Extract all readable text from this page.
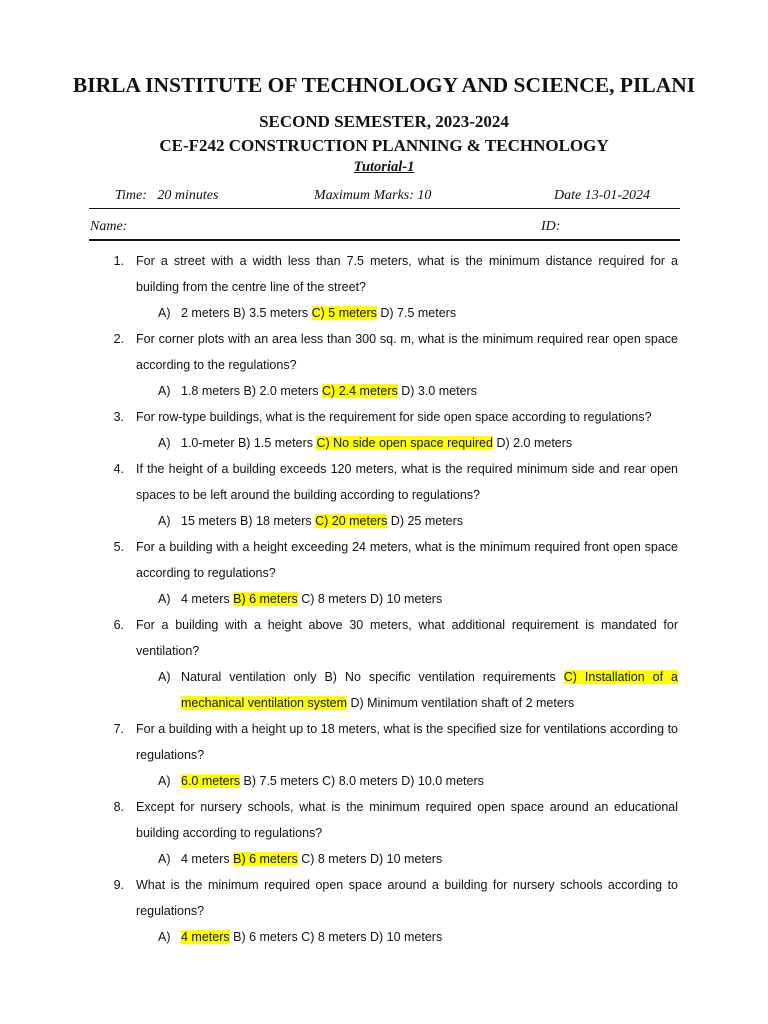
BIRLA INSTITUTE OF TECHNOLOGY AND SCIENCE, PILANI
SECOND SEMESTER, 2023-2024
CE-F242 CONSTRUCTION PLANNING & TECHNOLOGY
Tutorial-1
Time:   20 minutes	Maximum Marks: 10	Date 13-01-2024
Name:	ID:
1. For a street with a width less than 7.5 meters, what is the minimum distance required for a building from the centre line of the street?
A) 2 meters B) 3.5 meters C) 5 meters D) 7.5 meters
2. For corner plots with an area less than 300 sq. m, what is the minimum required rear open space according to the regulations?
A) 1.8 meters B) 2.0 meters C) 2.4 meters D) 3.0 meters
3. For row-type buildings, what is the requirement for side open space according to regulations?
A) 1.0-meter B) 1.5 meters C) No side open space required D) 2.0 meters
4. If the height of a building exceeds 120 meters, what is the required minimum side and rear open spaces to be left around the building according to regulations?
A) 15 meters B) 18 meters C) 20 meters D) 25 meters
5. For a building with a height exceeding 24 meters, what is the minimum required front open space according to regulations?
A) 4 meters B) 6 meters C) 8 meters D) 10 meters
6. For a building with a height above 30 meters, what additional requirement is mandated for ventilation?
A) Natural ventilation only B) No specific ventilation requirements C) Installation of a mechanical ventilation system D) Minimum ventilation shaft of 2 meters
7. For a building with a height up to 18 meters, what is the specified size for ventilations according to regulations?
A) 6.0 meters B) 7.5 meters C) 8.0 meters D) 10.0 meters
8. Except for nursery schools, what is the minimum required open space around an educational building according to regulations?
A) 4 meters B) 6 meters C) 8 meters D) 10 meters
9. What is the minimum required open space around a building for nursery schools according to regulations?
A) 4 meters B) 6 meters C) 8 meters D) 10 meters
